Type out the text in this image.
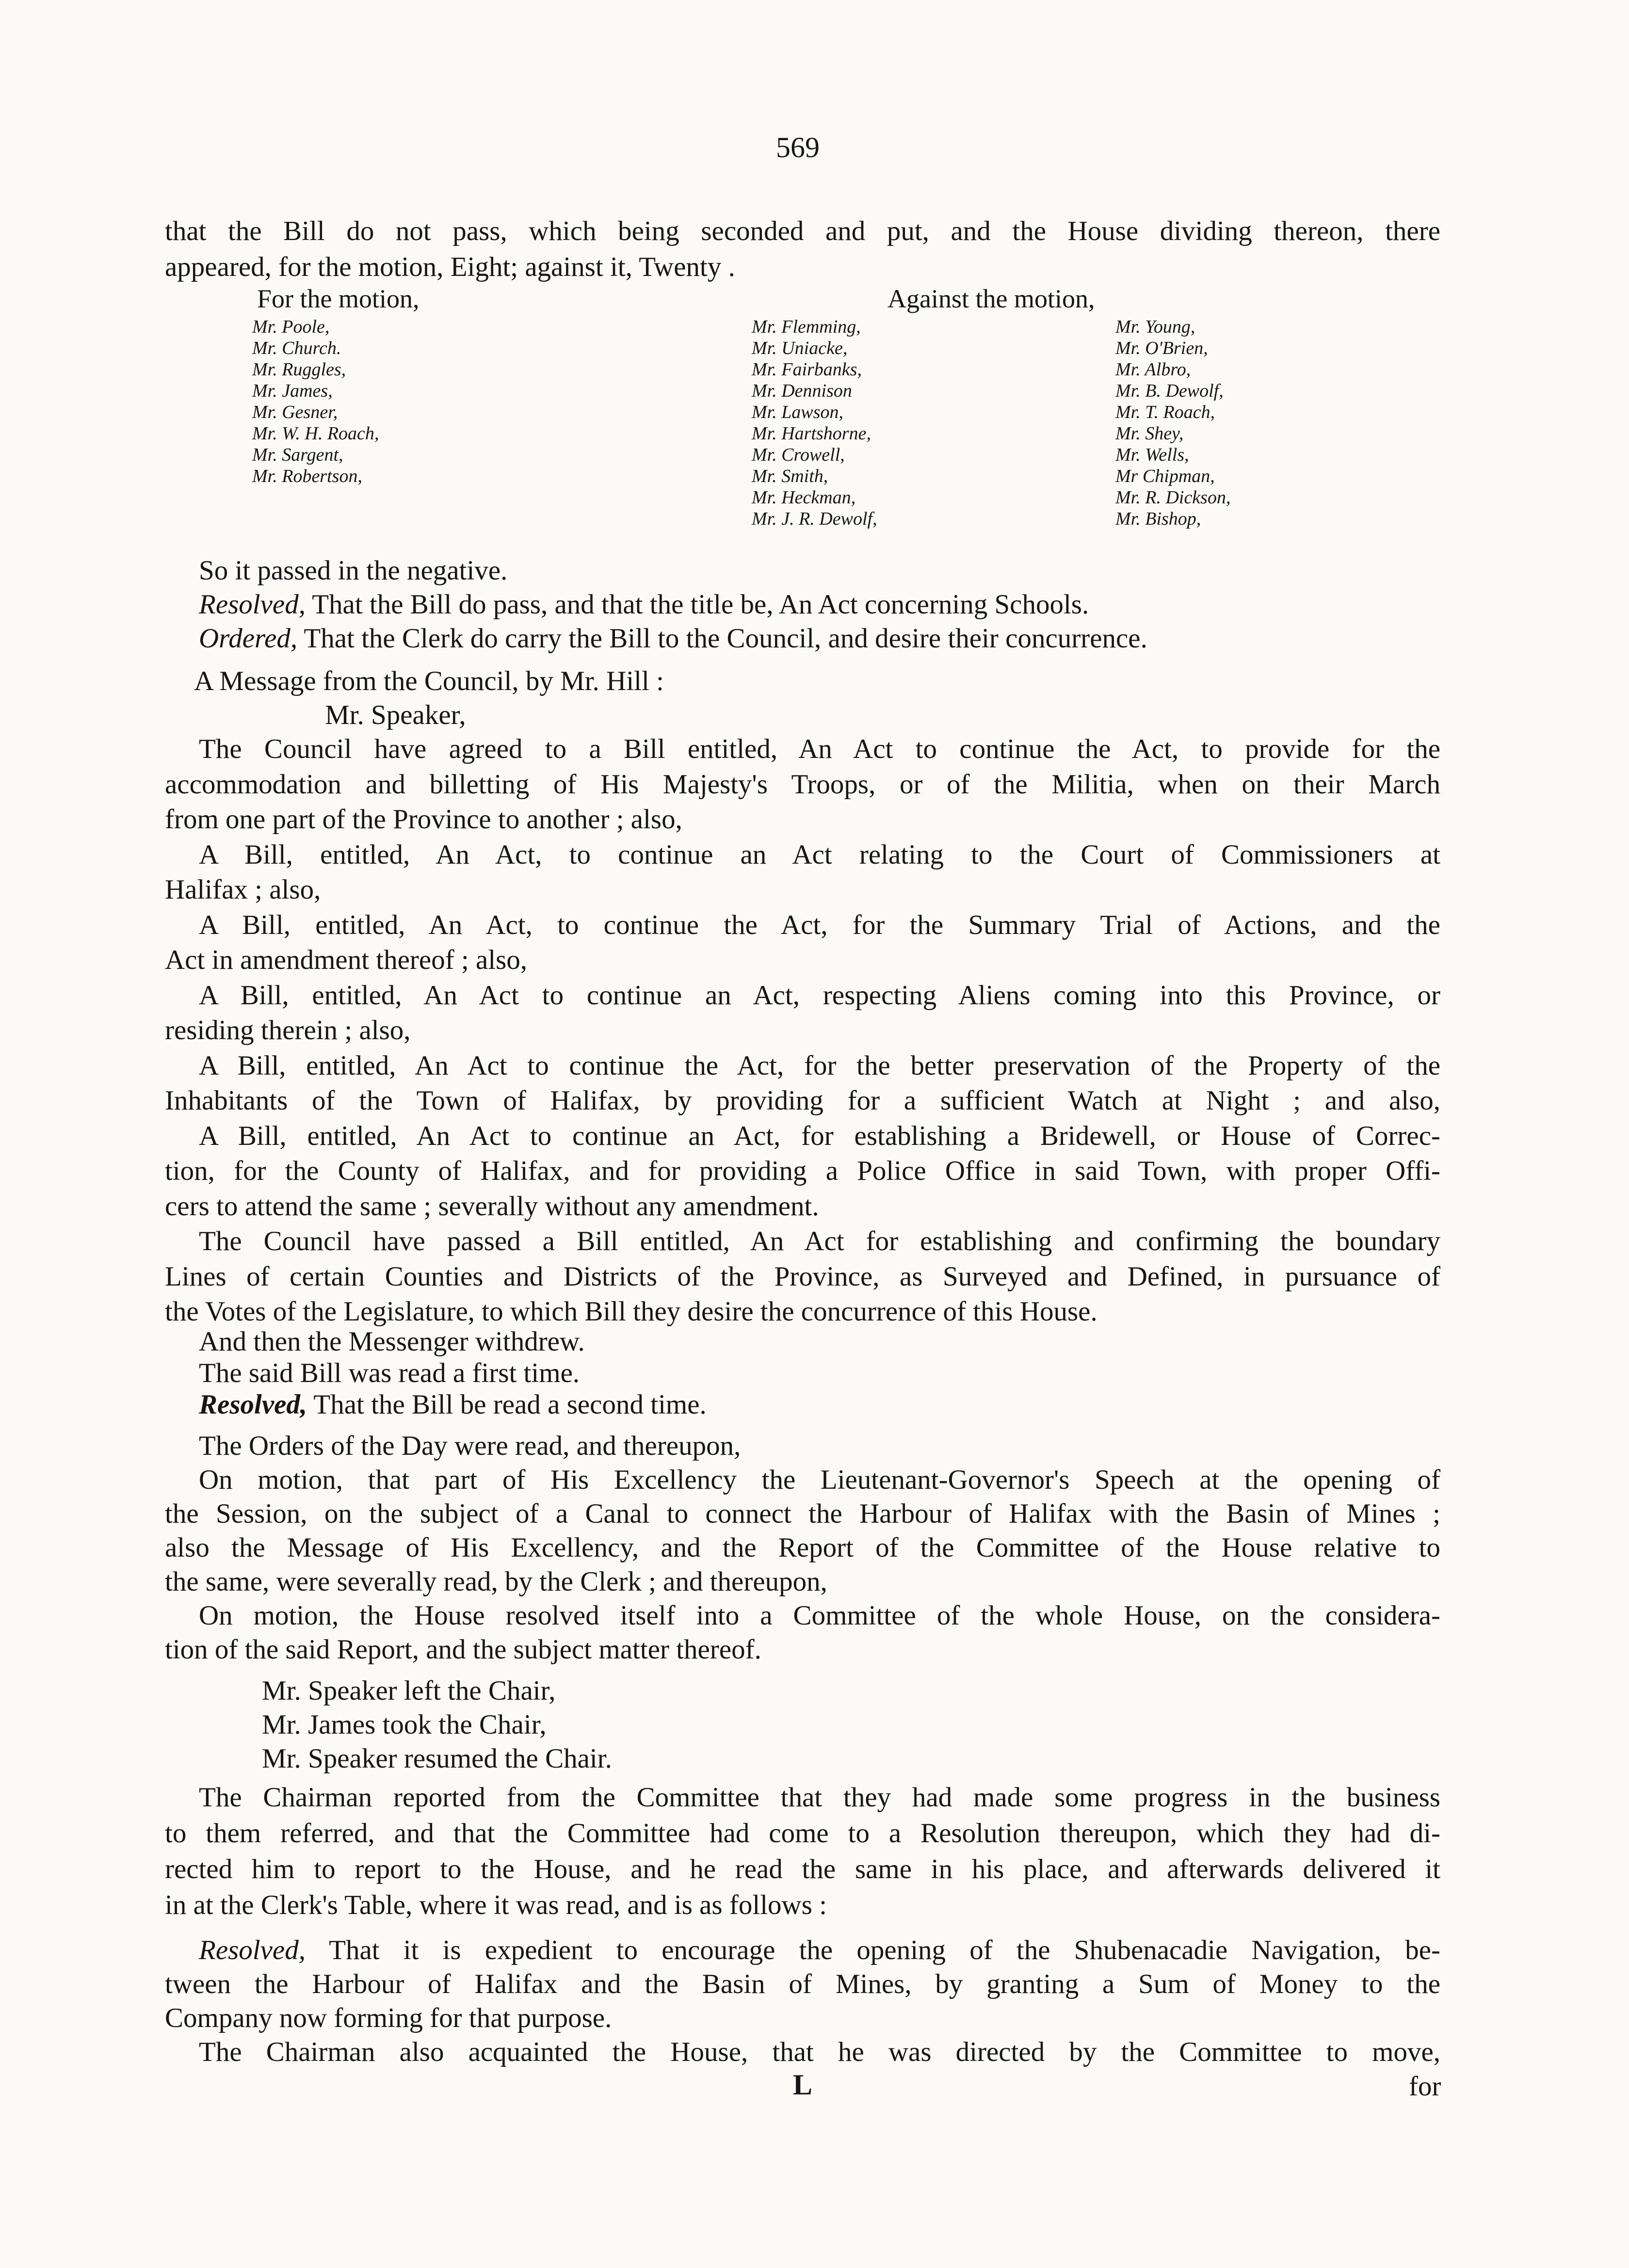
569
that the Bill do not pass, which being seconded and put, and the House dividing thereon, there
appeared, for the motion, Eight; against it, Twenty .
For the motion,	Against the motion,
Mr. Poole,
Mr. Church.
Mr. Ruggles,
Mr. James,
Mr. Gesner,
Mr. W. H. Roach,
Mr. Sargent,
Mr. Robertson,
Mr. Flemming,
Mr. Uniacke,
Mr. Fairbanks,
Mr. Dennison
Mr. Lawson,
Mr. Hartshorne,
Mr. Crowell,
Mr. Smith,
Mr. Heckman,
Mr. J. R. Dewolf,
Mr. Young,
Mr. O'Brien,
Mr. Albro,
Mr. B. Dewolf,
Mr. T. Roach,
Mr. Shey,
Mr. Wells,
Mr Chipman,
Mr. R. Dickson,
Mr. Bishop,
So it passed in the negative.
Resolved, That the Bill do pass, and that the title be, An Act concerning Schools.
Ordered, That the Clerk do carry the Bill to the Council, and desire their concurrence.
A Message from the Council, by Mr. Hill :
Mr. Speaker,
The Council have agreed to a Bill entitled, An Act to continue the Act, to provide for the
accommodation and billetting of His Majesty's Troops, or of the Militia, when on their March
from one part of the Province to another ; also,
A Bill, entitled, An Act, to continue an Act relating to the Court of Commissioners at
Halifax ; also,
A Bill, entitled, An Act, to continue the Act, for the Summary Trial of Actions, and the
Act in amendment thereof ; also,
A Bill, entitled, An Act to continue an Act, respecting Aliens coming into this Province, or
residing therein ; also,
A Bill, entitled, An Act to continue the Act, for the better preservation of the Property of the
Inhabitants of the Town of Halifax, by providing for a sufficient Watch at Night ; and also,
A Bill, entitled, An Act to continue an Act, for establishing a Bridewell, or House of Correc-
tion, for the County of Halifax, and for providing a Police Office in said Town, with proper Offi-
cers to attend the same ; severally without any amendment.
The Council have passed a Bill entitled, An Act for establishing and confirming the boundary
Lines of certain Counties and Districts of the Province, as Surveyed and Defined, in pursuance of
the Votes of the Legislature, to which Bill they desire the concurrence of this House.
And then the Messenger withdrew.
The said Bill was read a first time.
Resolved, That the Bill be read a second time.
The Orders of the Day were read, and thereupon,
On motion, that part of His Excellency the Lieutenant-Governor's Speech at the opening of
the Session, on the subject of a Canal to connect the Harbour of Halifax with the Basin of Mines ;
also the Message of His Excellency, and the Report of the Committee of the House relative to
the same, were severally read, by the Clerk ; and thereupon,
On motion, the House resolved itself into a Committee of the whole House, on the considera-
tion of the said Report, and the subject matter thereof.
Mr. Speaker left the Chair,
Mr. James took the Chair,
Mr. Speaker resumed the Chair.
The Chairman reported from the Committee that they had made some progress in the business
to them referred, and that the Committee had come to a Resolution thereupon, which they had di-
rected him to report to the House, and he read the same in his place, and afterwards delivered it
in at the Clerk's Table, where it was read, and is as follows :
Resolved, That it is expedient to encourage the opening of the Shubenacadie Navigation, be-
tween the Harbour of Halifax and the Basin of Mines, by granting a Sum of Money to the
Company now forming for that purpose.
The Chairman also acquainted the House, that he was directed by the Committee to move,
L	for
